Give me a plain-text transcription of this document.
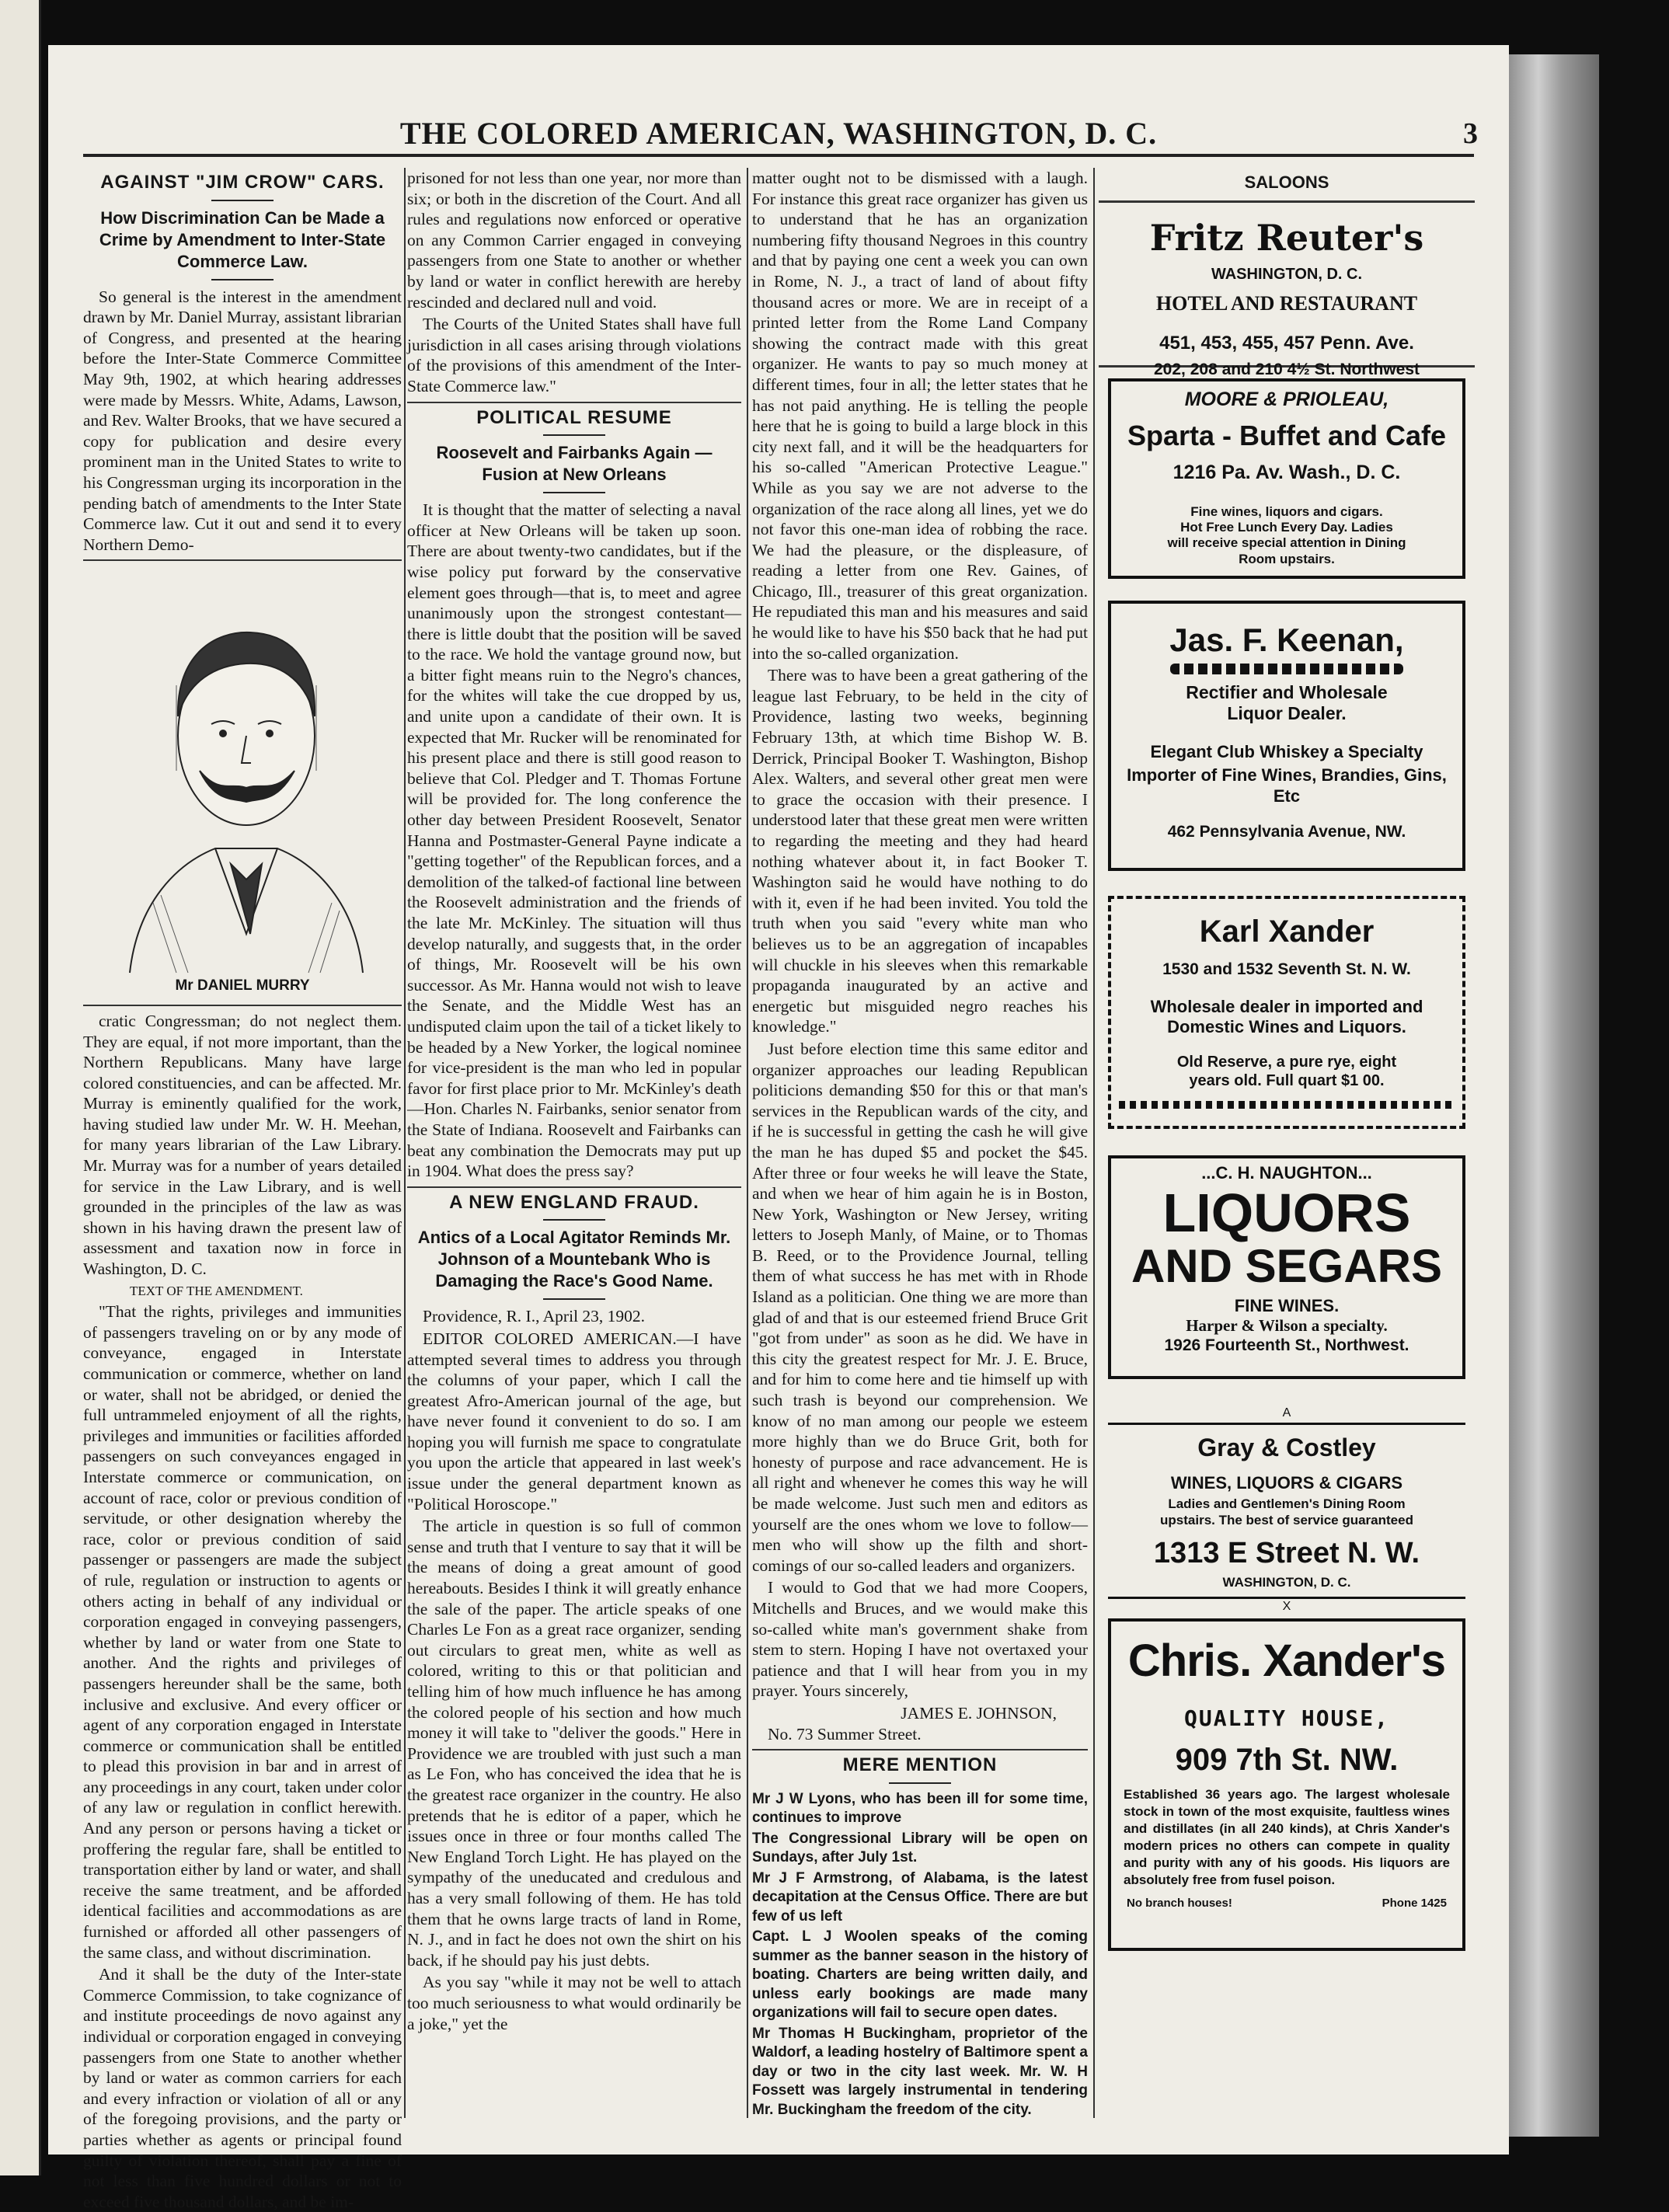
THE COLORED AMERICAN, WASHINGTON, D. C.	3
AGAINST "JIM CROW" CARS.
How Discrimination Can be Made a Crime by Amendment to Inter-State Commerce Law.

So general is the interest in the amendment drawn by Mr. Daniel Murray, assistant librarian of Congress, and presented at the hearing before the Inter-State Commerce Committee May 9th, 1902, at which hearing addresses were made by Messrs. White, Adams, Lawson, and Rev. Walter Brooks, that we have secured a copy for publication and desire every prominent man in the United States to write to his Congressman urging its incorporation in the pending batch of amendments to the Inter State Commerce law. Cut it out and send it to every Northern Demo-

Mr DANIEL MURRY

cratic Congressman; do not neglect them. They are equal, if not more important, than the Northern Republicans. Many have large colored constituencies, and can be affected. Mr. Murray is eminently qualified for the work, having studied law under Mr. W. H. Meehan, for many years librarian of the Law Library. Mr. Murray was for a number of years detailed for service in the Law Library, and is well grounded in the principles of the law as was shown in his having drawn the present law of assessment and taxation now in force in Washington, D. C.

TEXT OF THE AMENDMENT.

"That the rights, privileges and immunities of passengers traveling on or by any mode of conveyance, engaged in Interstate communication or commerce, whether on land or water, shall not be abridged, or denied the full untrammeled enjoyment of all the rights, privileges and immunities or facilities afforded passengers on such conveyances engaged in Interstate commerce or communication, on account of race, color or previous condition of servitude, or other designation whereby the race, color or previous condition of said passenger or passengers are made the subject of rule, regulation or instruction to agents or others acting in behalf of any individual or corporation engaged in conveying passengers, whether by land or water from one State to another. And the rights and privileges of passengers hereunder shall be the same, both inclusive and exclusive. And every officer or agent of any corporation engaged in Interstate commerce or communication shall be entitled to plead this provision in bar and in arrest of any proceedings in any court, taken under color of any law or regulation in conflict herewith. And any person or persons having a ticket or proffering the regular fare, shall be entitled to transportation either by land or water, and shall receive the same treatment, and be afforded identical facilities and accommodations as are furnished or afforded all other passengers of the same class, and without discrimination.

And it shall be the duty of the Inter-state Commerce Commission, to take cognizance of and institute proceedings de novo against any individual or corporation engaged in conveying passengers from one State to another whether by land or water as common carriers for each and every infraction or violation of all or any of the foregoing provisions, and the party or parties whether as agents or principal found guilty of violation thereof, shall pay a fine of not less than five hundred dollars or not to exceed five thousand dollars, and be im-

prisoned for not less than one year, nor more than six; or both in the discretion of the Court. And all rules and regulations now enforced or operative on any Common Carrier engaged in conveying passengers from one State to another or whether by land or water in conflict herewith are hereby rescinded and declared null and void.

The Courts of the United States shall have full jurisdiction in all cases arising through violations of the provisions of this amendment of the Inter-State Commerce law."

POLITICAL RESUME
Roosevelt and Fairbanks Again — Fusion at New Orleans

It is thought that the matter of selecting a naval officer at New Orleans will be taken up soon. There are about twenty-two candidates, but if the wise policy put forward by the conservative element goes through—that is, to meet and agree unanimously upon the strongest contestant—there is little doubt that the position will be saved to the race. We hold the vantage ground now, but a bitter fight means ruin to the Negro's chances, for the whites will take the cue dropped by us, and unite upon a candidate of their own. It is expected that Mr. Rucker will be renominated for his present place and there is still good reason to believe that Col. Pledger and T. Thomas Fortune will be provided for. The long conference the other day between President Roosevelt, Senator Hanna and Postmaster-General Payne indicate a "getting together" of the Republican forces, and a demolition of the talked-of factional line between the Roosevelt administration and the friends of the late Mr. McKinley. The situation will thus develop naturally, and suggests that, in the order of things, Mr. Roosevelt will be his own successor. As Mr. Hanna would not wish to leave the Senate, and the Middle West has an undisputed claim upon the tail of a ticket likely to be headed by a New Yorker, the logical nominee for vice-president is the man who led in popular favor for first place prior to Mr. McKinley's death—Hon. Charles N. Fairbanks, senior senator from the State of Indiana. Roosevelt and Fairbanks can beat any combination the Democrats may put up in 1904. What does the press say?

A NEW ENGLAND FRAUD.
Antics of a Local Agitator Reminds Mr. Johnson of a Mountebank Who is Damaging the Race's Good Name.

Providence, R. I., April 23, 1902.

EDITOR COLORED AMERICAN.—I have attempted several times to address you through the columns of your paper, which I call the greatest Afro-American journal of the age, but have never found it convenient to do so. I am hoping you will furnish me space to congratulate you upon the article that appeared in last week's issue under the general department known as "Political Horoscope."

The article in question is so full of common sense and truth that I venture to say that it will be the means of doing a great amount of good hereabouts. Besides I think it will greatly enhance the sale of the paper. The article speaks of one Charles Le Fon as a great race organizer, sending out circulars to great men, white as well as colored, writing to this or that politician and telling him of how much influence he has among the colored people of his section and how much money it will take to "deliver the goods." Here in Providence we are troubled with just such a man as Le Fon, who has conceived the idea that he is the greatest race organizer in the country. He also pretends that he is editor of a paper, which he issues once in three or four months called The New England Torch Light. He has played on the sympathy of the uneducated and credulous and has a very small following of them. He has told them that he owns large tracts of land in Rome, N. J., and in fact he does not own the shirt on his back, if he should pay his just debts.

As you say "while it may not be well to attach too much seriousness to what would ordinarily be a joke," yet the

matter ought not to be dismissed with a laugh. For instance this great race organizer has given us to understand that he has an organization numbering fifty thousand Negroes in this country and that by paying one cent a week you can own in Rome, N. J., a tract of land of about fifty thousand acres or more. We are in receipt of a printed letter from the Rome Land Company showing the contract made with this great organizer. He wants to pay so much money at different times, four in all; the letter states that he has not paid anything. He is telling the people here that he is going to build a large block in this city next fall, and it will be the headquarters for his so-called "American Protective League." While as you say we are not adverse to the organization of the race along all lines, yet we do not favor this one-man idea of robbing the race. We had the pleasure, or the displeasure, of reading a letter from one Rev. Gaines, of Chicago, Ill., treasurer of this great organization. He repudiated this man and his measures and said he would like to have his $50 back that he had put into the so-called organization.

There was to have been a great gathering of the league last February, to be held in the city of Providence, lasting two weeks, beginning February 13th, at which time Bishop W. B. Derrick, Principal Booker T. Washington, Bishop Alex. Walters, and several other great men were to grace the occasion with their presence. I understood later that these great men were written to regarding the meeting and they had heard nothing whatever about it, in fact Booker T. Washington said he would have nothing to do with it, even if he had been invited. You told the truth when you said "every white man who believes us to be an aggregation of incapables will chuckle in his sleeves when this remarkable propaganda inaugurated by an active and energetic but misguided negro reaches his knowledge."

Just before election time this same editor and organizer approaches our leading Republican politicions demanding $50 for this or that man's services in the Republican wards of the city, and if he is successful in getting the cash he will give the man he has duped $5 and pocket the $45. After three or four weeks he will leave the State, and when we hear of him again he is in Boston, New York, Washington or New Jersey, writing letters to Joseph Manly, of Maine, or to Thomas B. Reed, or to the Providence Journal, telling them of what success he has met with in Rhode Island as a politician. One thing we are more than glad of and that is our esteemed friend Bruce Grit "got from under" as soon as he did. We have in this city the greatest respect for Mr. J. E. Bruce, and for him to come here and tie himself up with such trash is beyond our comprehension. We know of no man among our people we esteem more highly than we do Bruce Grit, both for honesty of purpose and race advancement. He is all right and whenever he comes this way he will be made welcome. Just such men and editors as yourself are the ones whom we love to follow—men who will show up the filth and short-comings of our so-called leaders and organizers.

I would to God that we had more Coopers, Mitchells and Bruces, and we would make this so-called white man's government shake from stem to stern. Hoping I have not overtaxed your patience and that I will hear from you in my prayer. Yours sincerely,

JAMES E. JOHNSON,
No. 73 Summer Street.
MERE MENTION

Mr J W Lyons, who has been ill for some time, continues to improve

The Congressional Library will be open on Sundays, after July 1st.

Mr J F Armstrong, of Alabama, is the latest decapitation at the Census Office. There are but few of us left

Capt. L J Woolen speaks of the coming summer as the banner season in the history of boating. Charters are being written daily, and unless early bookings are made many organizations will fail to secure open dates.

Mr Thomas H Buckingham, proprietor of the Waldorf, a leading hostelry of Baltimore spent a day or two in the city last week. Mr. W. H Fossett was largely instrumental in tendering Mr. Buckingham the freedom of the city.

SALOONS
Fritz Reuter's
WASHINGTON, D. C.
HOTEL AND RESTAURANT
451, 453, 455, 457 Penn. Ave.
202, 208 and 210 4½ St. Northwest
MOORE & PRIOLEAU,
Sparta - Buffet and Cafe
1216 Pa. Av. Wash., D. C.
Fine wines, liquors and cigars.
Hot Free Lunch Every Day. Ladies
will receive special attention in Dining
Room upstairs.
Jas. F. Keenan,
Rectifier and Wholesale
Liquor Dealer.
Elegant Club Whiskey a Specialty
Importer of Fine Wines, Brandies, Gins, Etc
462 Pennsylvania Avenue, NW.
Karl Xander
1530 and 1532 Seventh St. N. W.
Wholesale dealer in imported and
Domestic Wines and Liquors.
Old Reserve, a pure rye, eight
years old. Full quart $1 00.
...C. H. NAUGHTON...
LIQUORS
AND SEGARS
FINE WINES.
Harper & Wilson a specialty.
1926 Fourteenth St., Northwest.
A
Gray & Costley
WINES, LIQUORS & CIGARS
Ladies and Gentlemen's Dining Room
upstairs. The best of service guaranteed
1313 E Street N. W.
WASHINGTON, D. C.
X
Chris. Xander's
QUALITY HOUSE,
909 7th St. NW.
Established 36 years ago. The largest wholesale stock in town of the most exquisite, faultless wines and distillates (in all 240 kinds), at Chris Xander's modern prices no others can compete in quality and purity with any of his goods. His liquors are absolutely free from fusel poison.
No branch houses!	Phone 1425
